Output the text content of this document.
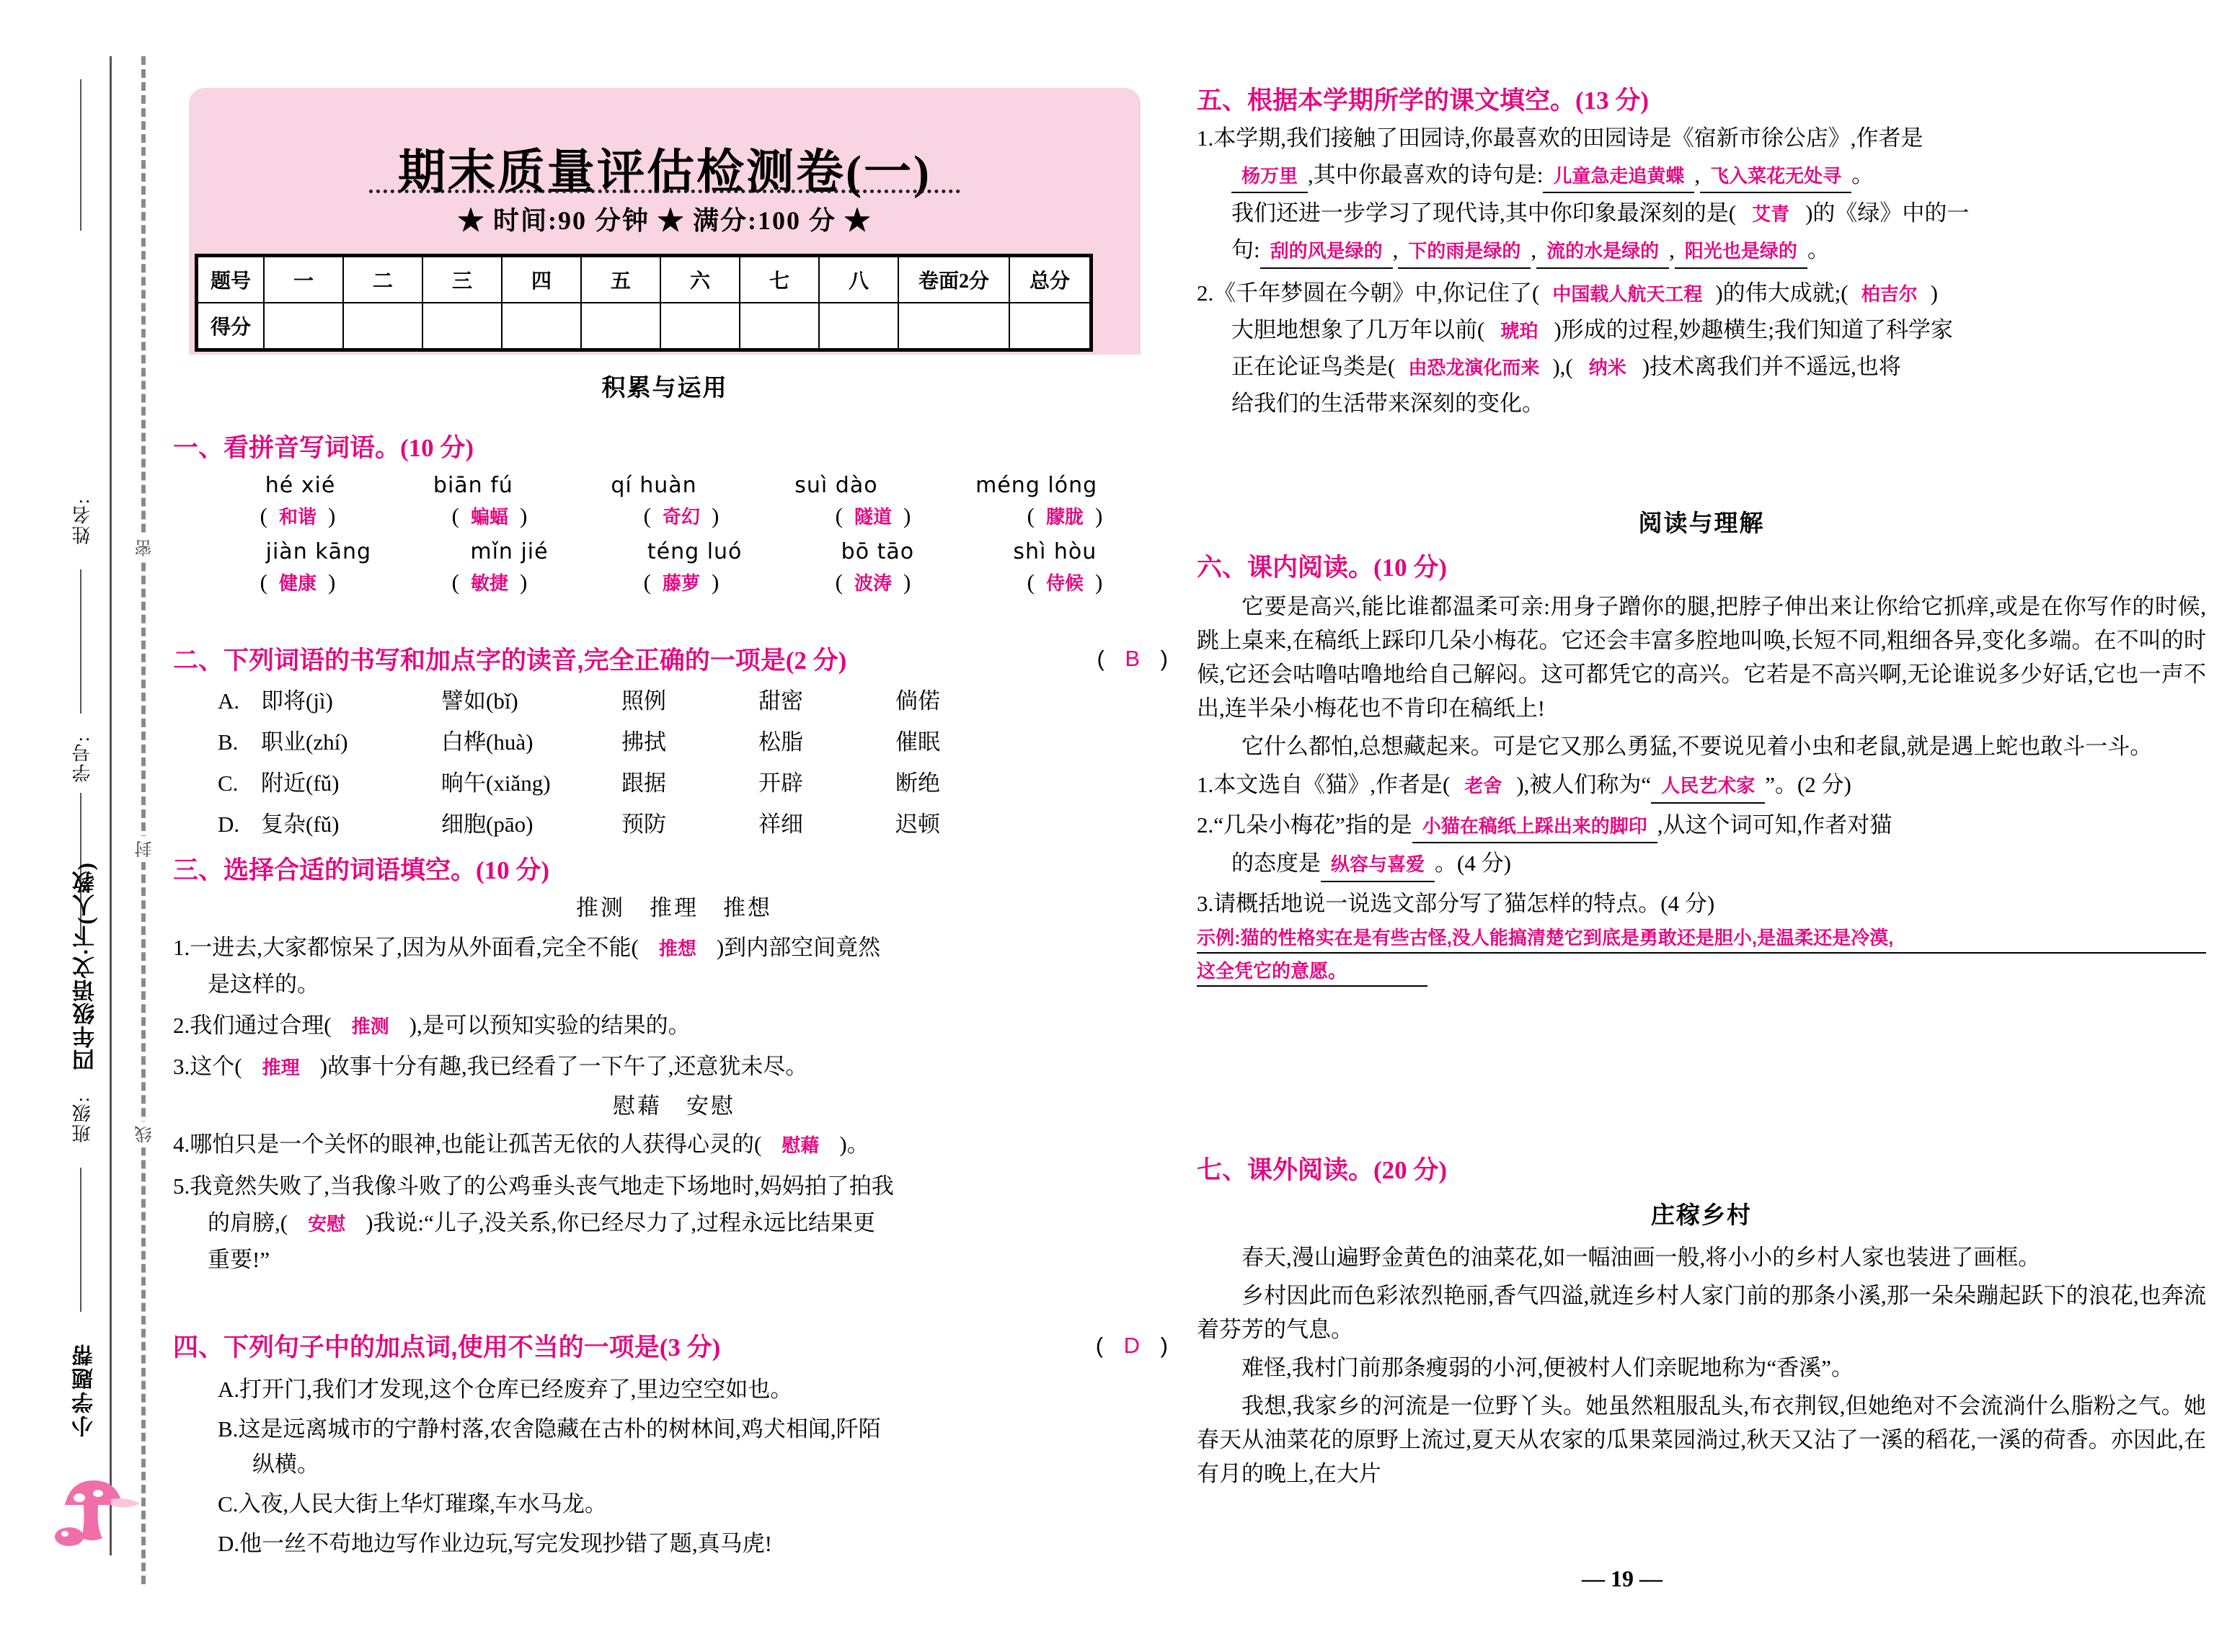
姓名:
学号:
班级:
四年级语文·下(人教)
小学题帮
密
封
线
期末质量评估检测卷(一)
★ 时间:90 分钟 ★ 满分:100 分 ★
题号	一	二	三	四	五	六	七	八	卷面2分	总分
得分										
积累与运用
一、看拼音写词语。(10 分)
hé xié	biān fú	qí huàn	suì dào	méng lóng
( 和谐 )	( 蝙蝠 )	( 奇幻 )	( 隧道 )	( 朦胧 )
jiàn kāng	mǐn jié	téng luó	bō tāo	shì hòu
( 健康 )	( 敏捷 )	( 藤萝 )	( 波涛 )	( 侍候 )
( B )
二、下列词语的书写和加点字的读音,完全正确的一项是(2 分)
A. 即将(jì)	譬如(bǐ)	照例	甜密	倘偌
B. 职业(zhí)	白桦(huà)	拂拭	松脂	催眠
C. 附近(fǔ)	晌午(xiǎng)	跟据	开辟	断绝
D. 复杂(fǔ)	细胞(pāo)	预防	祥细	迟顿
三、选择合适的词语填空。(10 分)
推测　推理　推想
1.一进去,大家都惊呆了,因为从外面看,完全不能( 推想 )到内部空间竟然
是这样的。
2.我们通过合理( 推测 ),是可以预知实验的结果的。
3.这个( 推理 )故事十分有趣,我已经看了一下午了,还意犹未尽。
慰藉　安慰
4.哪怕只是一个关怀的眼神,也能让孤苦无依的人获得心灵的( 慰藉 )。
5.我竟然失败了,当我像斗败了的公鸡垂头丧气地走下场地时,妈妈拍了拍我
的肩膀,( 安慰 )我说:“儿子,没关系,你已经尽力了,过程永远比结果更
重要!”
( D )
四、下列句子中的加点词,使用不当的一项是(3 分)
A.打开门,我们才发现,这个仓库已经废弃了,里边空空如也。
B.这是远离城市的宁静村落,农舍隐藏在古朴的树林间,鸡犬相闻,阡陌
纵横。
C.入夜,人民大街上华灯璀璨,车水马龙。
D.他一丝不苟地边写作业边玩,写完发现抄错了题,真马虎!
五、根据本学期所学的课文填空。(13 分)
1.本学期,我们接触了田园诗,你最喜欢的田园诗是《宿新市徐公店》,作者是
杨万里 ,其中你最喜欢的诗句是: 儿童急走追黄蝶 , 飞入菜花无处寻 。
我们还进一步学习了现代诗,其中你印象最深刻的是( 艾青 )的《绿》中的一
句: 刮的风是绿的 , 下的雨是绿的 , 流的水是绿的 , 阳光也是绿的 。
2.《千年梦圆在今朝》中,你记住了( 中国载人航天工程 )的伟大成就;( 柏吉尔 )
大胆地想象了几万年以前( 琥珀 )形成的过程,妙趣横生;我们知道了科学家
正在论证鸟类是( 由恐龙演化而来 ),( 纳米 )技术离我们并不遥远,也将
给我们的生活带来深刻的变化。
阅读与理解
六、课内阅读。(10 分)

它要是高兴,能比谁都温柔可亲:用身子蹭你的腿,把脖子伸出来让你给它抓痒,或是在你写作的时候,跳上桌来,在稿纸上踩印几朵小梅花。它还会丰富多腔地叫唤,长短不同,粗细各异,变化多端。在不叫的时候,它还会咕噜咕噜地给自己解闷。这可都凭它的高兴。它若是不高兴啊,无论谁说多少好话,它也一声不出,连半朵小梅花也不肯印在稿纸上!

它什么都怕,总想藏起来。可是它又那么勇猛,不要说见着小虫和老鼠,就是遇上蛇也敢斗一斗。

1.本文选自《猫》,作者是( 老舍 ),被人们称为“ 人民艺术家 ”。(2 分)
2.“几朵小梅花”指的是 小猫在稿纸上踩出来的脚印 ,从这个词可知,作者对猫
的态度是 纵容与喜爱 。(4 分)
3.请概括地说一说选文部分写了猫怎样的特点。(4 分)
示例:猫的性格实在是有些古怪,没人能搞清楚它到底是勇敢还是胆小,是温柔还是冷漠,
这全凭它的意愿。
七、课外阅读。(20 分)
庄稼乡村

春天,漫山遍野金黄色的油菜花,如一幅油画一般,将小小的乡村人家也装进了画框。

乡村因此而色彩浓烈艳丽,香气四溢,就连乡村人家门前的那条小溪,那一朵朵蹦起跃下的浪花,也奔流着芬芳的气息。

难怪,我村门前那条瘦弱的小河,便被村人们亲昵地称为“香溪”。

我想,我家乡的河流是一位野丫头。她虽然粗服乱头,布衣荆钗,但她绝对不会流淌什么脂粉之气。她春天从油菜花的原野上流过,夏天从农家的瓜果菜园淌过,秋天又沾了一溪的稻花,一溪的荷香。亦因此,在有月的晚上,在大片

— 19 —
